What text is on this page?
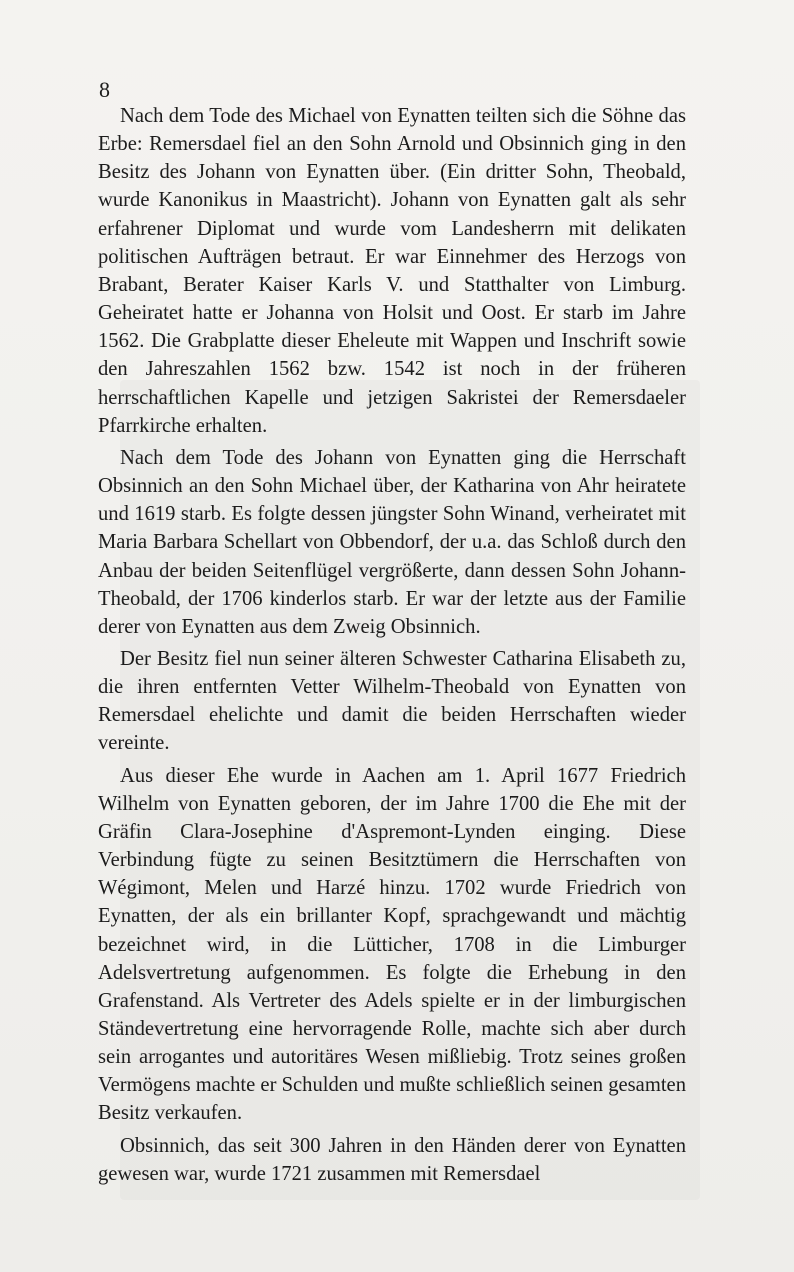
8

Nach dem Tode des Michael von Eynatten teilten sich die Söhne das Erbe: Remersdael fiel an den Sohn Arnold und Obsinnich ging in den Besitz des Johann von Eynatten über. (Ein dritter Sohn, Theobald, wurde Kanonikus in Maastricht). Johann von Eynatten galt als sehr erfahrener Diplomat und wurde vom Landesherrn mit delikaten politischen Aufträgen betraut. Er war Einnehmer des Herzogs von Brabant, Berater Kaiser Karls V. und Statthalter von Limburg. Geheiratet hatte er Johanna von Holsit und Oost. Er starb im Jahre 1562. Die Grabplatte dieser Eheleute mit Wappen und Inschrift sowie den Jahreszahlen 1562 bzw. 1542 ist noch in der früheren herrschaftlichen Kapelle und jetzigen Sakristei der Remersdaeler Pfarrkirche erhalten.

Nach dem Tode des Johann von Eynatten ging die Herrschaft Obsinnich an den Sohn Michael über, der Katharina von Ahr heiratete und 1619 starb. Es folgte dessen jüngster Sohn Winand, verheiratet mit Maria Barbara Schellart von Obbendorf, der u.a. das Schloß durch den Anbau der beiden Seitenflügel vergrößerte, dann dessen Sohn Johann-Theobald, der 1706 kinderlos starb. Er war der letzte aus der Familie derer von Eynatten aus dem Zweig Obsinnich.

Der Besitz fiel nun seiner älteren Schwester Catharina Elisabeth zu, die ihren entfernten Vetter Wilhelm-Theobald von Eynatten von Remersdael ehelichte und damit die beiden Herrschaften wieder vereinte.

Aus dieser Ehe wurde in Aachen am 1. April 1677 Friedrich Wilhelm von Eynatten geboren, der im Jahre 1700 die Ehe mit der Gräfin Clara-Josephine d'Aspremont-Lynden einging. Diese Verbindung fügte zu seinen Besitztümern die Herrschaften von Wégimont, Melen und Harzé hinzu. 1702 wurde Friedrich von Eynatten, der als ein brillanter Kopf, sprachgewandt und mächtig bezeichnet wird, in die Lütticher, 1708 in die Limburger Adelsvertretung aufgenommen. Es folgte die Erhebung in den Grafenstand. Als Vertreter des Adels spielte er in der limburgischen Ständevertretung eine hervorragende Rolle, machte sich aber durch sein arrogantes und autoritäres Wesen mißliebig. Trotz seines großen Vermögens machte er Schulden und mußte schließlich seinen gesamten Besitz verkaufen.

Obsinnich, das seit 300 Jahren in den Händen derer von Eynatten gewesen war, wurde 1721 zusammen mit Remersdael
